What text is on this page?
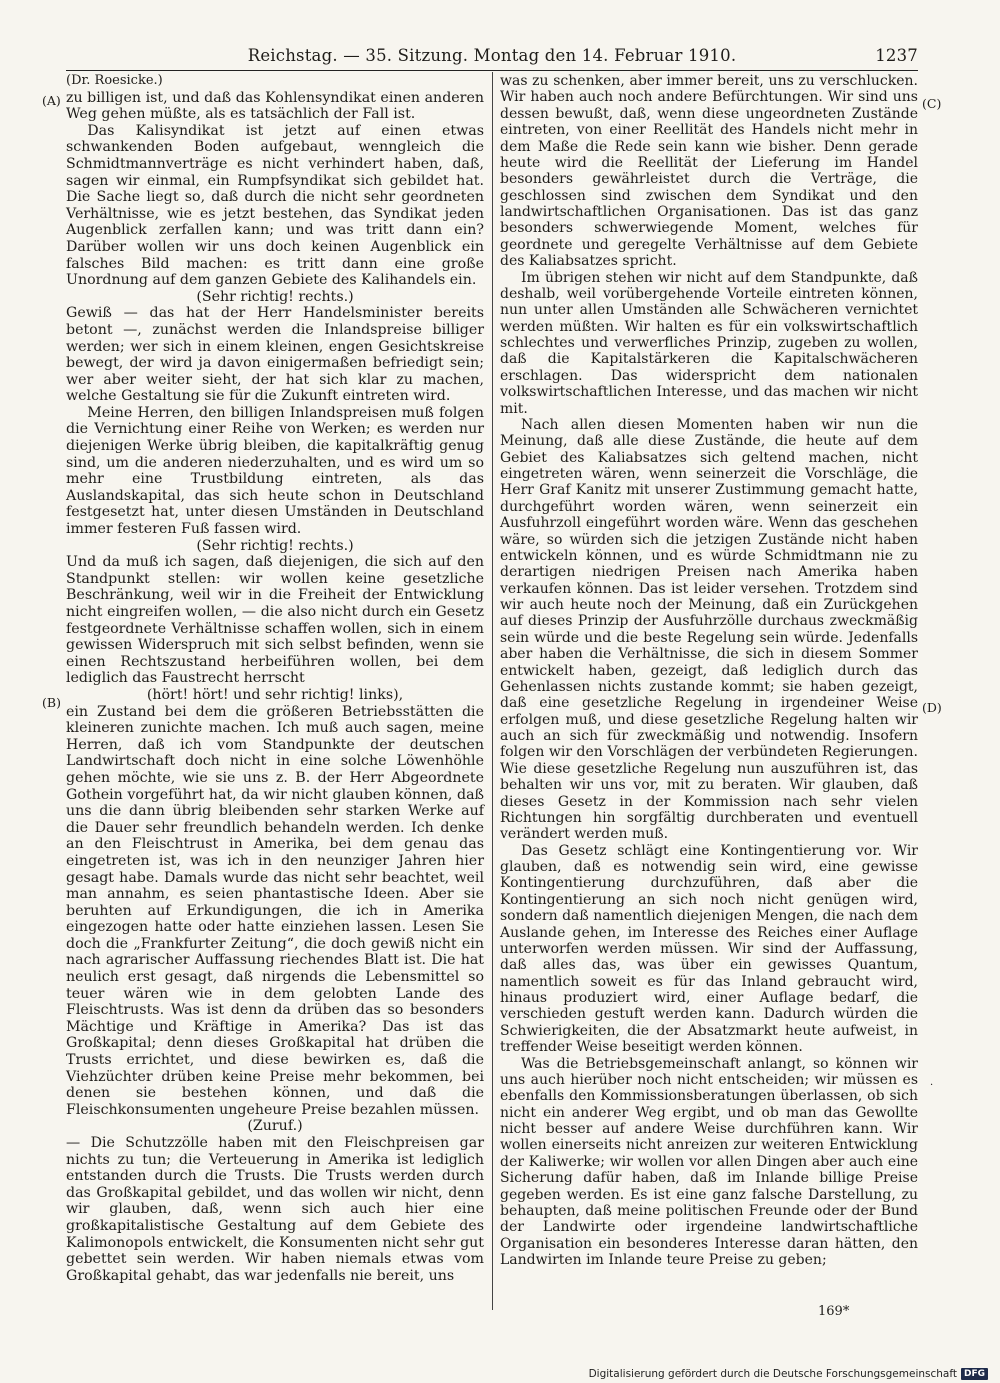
Reichstag. — 35. Sitzung. Montag den 14. Februar 1910.	1237
(A)
(B)
(C)
(D)

(Dr. Roesicke.)

zu billigen ist, und daß das Kohlensyndikat einen anderen Weg gehen müßte, als es tatsächlich der Fall ist.

Das Kalisyndikat ist jetzt auf einen etwas schwankenden Boden aufgebaut, wenngleich die Schmidtmannverträge es nicht verhindert haben, daß, sagen wir einmal, ein Rumpfsyndikat sich gebildet hat. Die Sache liegt so, daß durch die nicht sehr geordneten Verhältnisse, wie es jetzt bestehen, das Syndikat jeden Augenblick zerfallen kann; und was tritt dann ein? Darüber wollen wir uns doch keinen Augenblick ein falsches Bild machen: es tritt dann eine große Unordnung auf dem ganzen Gebiete des Kalihandels ein.

(Sehr richtig! rechts.)

Gewiß — das hat der Herr Handelsminister bereits betont —, zunächst werden die Inlandspreise billiger werden; wer sich in einem kleinen, engen Gesichtskreise bewegt, der wird ja davon einigermaßen befriedigt sein; wer aber weiter sieht, der hat sich klar zu machen, welche Gestaltung sie für die Zukunft eintreten wird.

Meine Herren, den billigen Inlandspreisen muß folgen die Vernichtung einer Reihe von Werken; es werden nur diejenigen Werke übrig bleiben, die kapitalkräftig genug sind, um die anderen niederzuhalten, und es wird um so mehr eine Trustbildung eintreten, als das Auslandskapital, das sich heute schon in Deutschland festgesetzt hat, unter diesen Umständen in Deutschland immer festeren Fuß fassen wird.

(Sehr richtig! rechts.)

Und da muß ich sagen, daß diejenigen, die sich auf den Standpunkt stellen: wir wollen keine gesetzliche Beschränkung, weil wir in die Freiheit der Entwicklung nicht eingreifen wollen, — die also nicht durch ein Gesetz festgeordnete Verhältnisse schaffen wollen, sich in einem gewissen Widerspruch mit sich selbst befinden, wenn sie einen Rechtszustand herbeiführen wollen, bei dem lediglich das Faustrecht herrscht

(hört! hört! und sehr richtig! links),

ein Zustand bei dem die größeren Betriebsstätten die kleineren zunichte machen. Ich muß auch sagen, meine Herren, daß ich vom Standpunkte der deutschen Landwirtschaft doch nicht in eine solche Löwenhöhle gehen möchte, wie sie uns z. B. der Herr Abgeordnete Gothein vorgeführt hat, da wir nicht glauben können, daß uns die dann übrig bleibenden sehr starken Werke auf die Dauer sehr freundlich behandeln werden. Ich denke an den Fleischtrust in Amerika, bei dem genau das eingetreten ist, was ich in den neunziger Jahren hier gesagt habe. Damals wurde das nicht sehr beachtet, weil man annahm, es seien phantastische Ideen. Aber sie beruhten auf Erkundigungen, die ich in Amerika eingezogen hatte oder hatte einziehen lassen. Lesen Sie doch die „Frankfurter Zeitung“, die doch gewiß nicht ein nach agrarischer Auffassung riechendes Blatt ist. Die hat neulich erst gesagt, daß nirgends die Lebensmittel so teuer wären wie in dem gelobten Lande des Fleischtrusts. Was ist denn da drüben das so besonders Mächtige und Kräftige in Amerika? Das ist das Großkapital; denn dieses Großkapital hat drüben die Trusts errichtet, und diese bewirken es, daß die Viehzüchter drüben keine Preise mehr bekommen, bei denen sie bestehen können, und daß die Fleischkonsumenten ungeheure Preise bezahlen müssen.

(Zuruf.)

— Die Schutzzölle haben mit den Fleischpreisen gar nichts zu tun; die Verteuerung in Amerika ist lediglich entstanden durch die Trusts. Die Trusts werden durch das Großkapital gebildet, und das wollen wir nicht, denn wir glauben, daß, wenn sich auch hier eine großkapitalistische Gestaltung auf dem Gebiete des Kalimonopols entwickelt, die Konsumenten nicht sehr gut gebettet sein werden. Wir haben niemals etwas vom Großkapital gehabt, das war jedenfalls nie bereit, uns

was zu schenken, aber immer bereit, uns zu verschlucken. Wir haben auch noch andere Befürchtungen. Wir sind uns dessen bewußt, daß, wenn diese ungeordneten Zustände eintreten, von einer Reellität des Handels nicht mehr in dem Maße die Rede sein kann wie bisher. Denn gerade heute wird die Reellität der Lieferung im Handel besonders gewährleistet durch die Verträge, die geschlossen sind zwischen dem Syndikat und den landwirtschaftlichen Organisationen. Das ist das ganz besonders schwerwiegende Moment, welches für geordnete und geregelte Verhältnisse auf dem Gebiete des Kaliabsatzes spricht.

Im übrigen stehen wir nicht auf dem Standpunkte, daß deshalb, weil vorübergehende Vorteile eintreten können, nun unter allen Umständen alle Schwächeren vernichtet werden müßten. Wir halten es für ein volkswirtschaftlich schlechtes und verwerfliches Prinzip, zugeben zu wollen, daß die Kapitalstärkeren die Kapitalschwächeren erschlagen. Das widerspricht dem nationalen volkswirtschaftlichen Interesse, und das machen wir nicht mit.

Nach allen diesen Momenten haben wir nun die Meinung, daß alle diese Zustände, die heute auf dem Gebiet des Kaliabsatzes sich geltend machen, nicht eingetreten wären, wenn seinerzeit die Vorschläge, die Herr Graf Kanitz mit unserer Zustimmung gemacht hatte, durchgeführt worden wären, wenn seinerzeit ein Ausfuhrzoll eingeführt worden wäre. Wenn das geschehen wäre, so würden sich die jetzigen Zustände nicht haben entwickeln können, und es würde Schmidtmann nie zu derartigen niedrigen Preisen nach Amerika haben verkaufen können. Das ist leider versehen. Trotzdem sind wir auch heute noch der Meinung, daß ein Zurückgehen auf dieses Prinzip der Ausfuhrzölle durchaus zweckmäßig sein würde und die beste Regelung sein würde. Jedenfalls aber haben die Verhältnisse, die sich in diesem Sommer entwickelt haben, gezeigt, daß lediglich durch das Gehenlassen nichts zustande kommt; sie haben gezeigt, daß eine gesetzliche Regelung in irgendeiner Weise erfolgen muß, und diese gesetzliche Regelung halten wir auch an sich für zweckmäßig und notwendig. Insofern folgen wir den Vorschlägen der verbündeten Regierungen. Wie diese gesetzliche Regelung nun auszuführen ist, das behalten wir uns vor, mit zu beraten. Wir glauben, daß dieses Gesetz in der Kommission nach sehr vielen Richtungen hin sorgfältig durchberaten und eventuell verändert werden muß.

Das Gesetz schlägt eine Kontingentierung vor. Wir glauben, daß es notwendig sein wird, eine gewisse Kontingentierung durchzuführen, daß aber die Kontingentierung an sich noch nicht genügen wird, sondern daß namentlich diejenigen Mengen, die nach dem Auslande gehen, im Interesse des Reiches einer Auflage unterworfen werden müssen. Wir sind der Auffassung, daß alles das, was über ein gewisses Quantum, namentlich soweit es für das Inland gebraucht wird, hinaus produziert wird, einer Auflage bedarf, die verschieden gestuft werden kann. Dadurch würden die Schwierigkeiten, die der Absatzmarkt heute aufweist, in treffender Weise beseitigt werden können.

Was die Betriebsgemeinschaft anlangt, so können wir uns auch hierüber noch nicht entscheiden; wir müssen es ebenfalls den Kommissionsberatungen überlassen, ob sich nicht ein anderer Weg ergibt, und ob man das Gewollte nicht besser auf andere Weise durchführen kann. Wir wollen einerseits nicht anreizen zur weiteren Entwicklung der Kaliwerke; wir wollen vor allen Dingen aber auch eine Sicherung dafür haben, daß im Inlande billige Preise gegeben werden. Es ist eine ganz falsche Darstellung, zu behaupten, daß meine politischen Freunde oder der Bund der Landwirte oder irgendeine landwirtschaftliche Organisation ein besonderes Interesse daran hätten, den Landwirten im Inlande teure Preise zu geben;

·
169*
Digitalisierung gefördert durch die Deutsche Forschungsgemeinschaft DFG
